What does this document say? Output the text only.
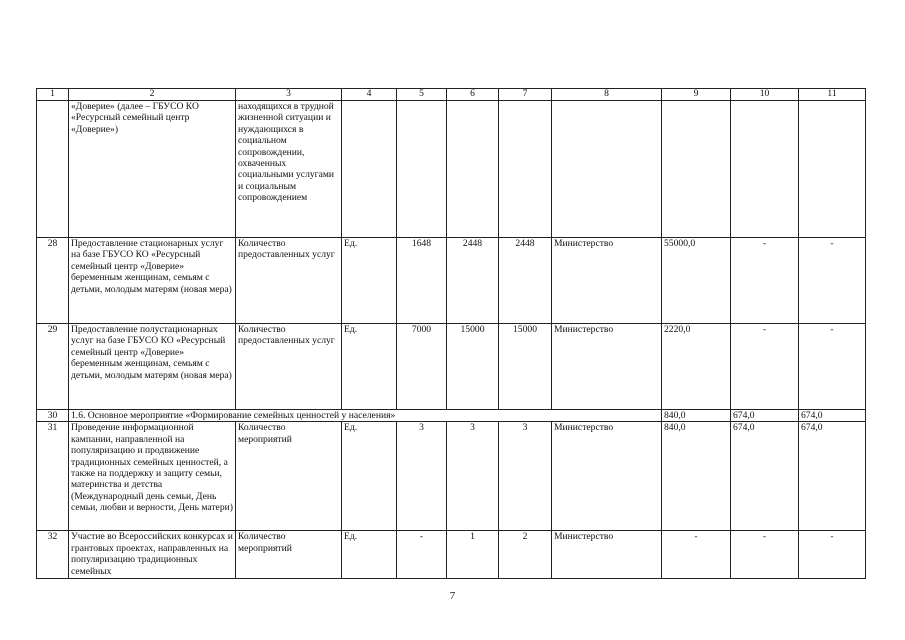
1	2	3	4	5	6	7	8	9	10	11
	«Доверие» (далее – ГБУСО КО «Ресурсный семейный центр «Доверие»)	находящихся в трудной жизненной ситуации и нуждающихся в социальном сопровождении, охваченных социальными услугами и социальным сопровождением								
28	Предоставление стационарных услуг на базе ГБУСО КО «Ресурсный семейный центр «Доверие» беременным женщинам, семьям с детьми, молодым матерям (новая мера)	Количество предоставленных услуг	Ед.	1648	2448	2448	Министерство	55000,0	-	-
29	Предоставление полустационарных услуг на базе ГБУСО КО «Ресурсный семейный центр «Доверие» беременным женщинам, семьям с детьми, молодым матерям (новая мера)	Количество предоставленных услуг	Ед.	7000	15000	15000	Министерство	2220,0	-	-
30	1.6. Основное мероприятие «Формирование семейных ценностей у населения»							840,0	674,0	674,0
31	Проведение информационной кампании, направленной на популяризацию и продвижение традиционных семейных ценностей, а также на поддержку и защиту семьи, материнства и детства (Международный день семьи, День семьи, любви и верности, День матери)	Количество мероприятий	Ед.	3	3	3	Министерство	840,0	674,0	674,0
32	Участие во Всероссийских конкурсах и грантовых проектах, направленных на популяризацию традиционных семейных	Количество мероприятий	Ед.	-	1	2	Министерство	-	-	-
7
